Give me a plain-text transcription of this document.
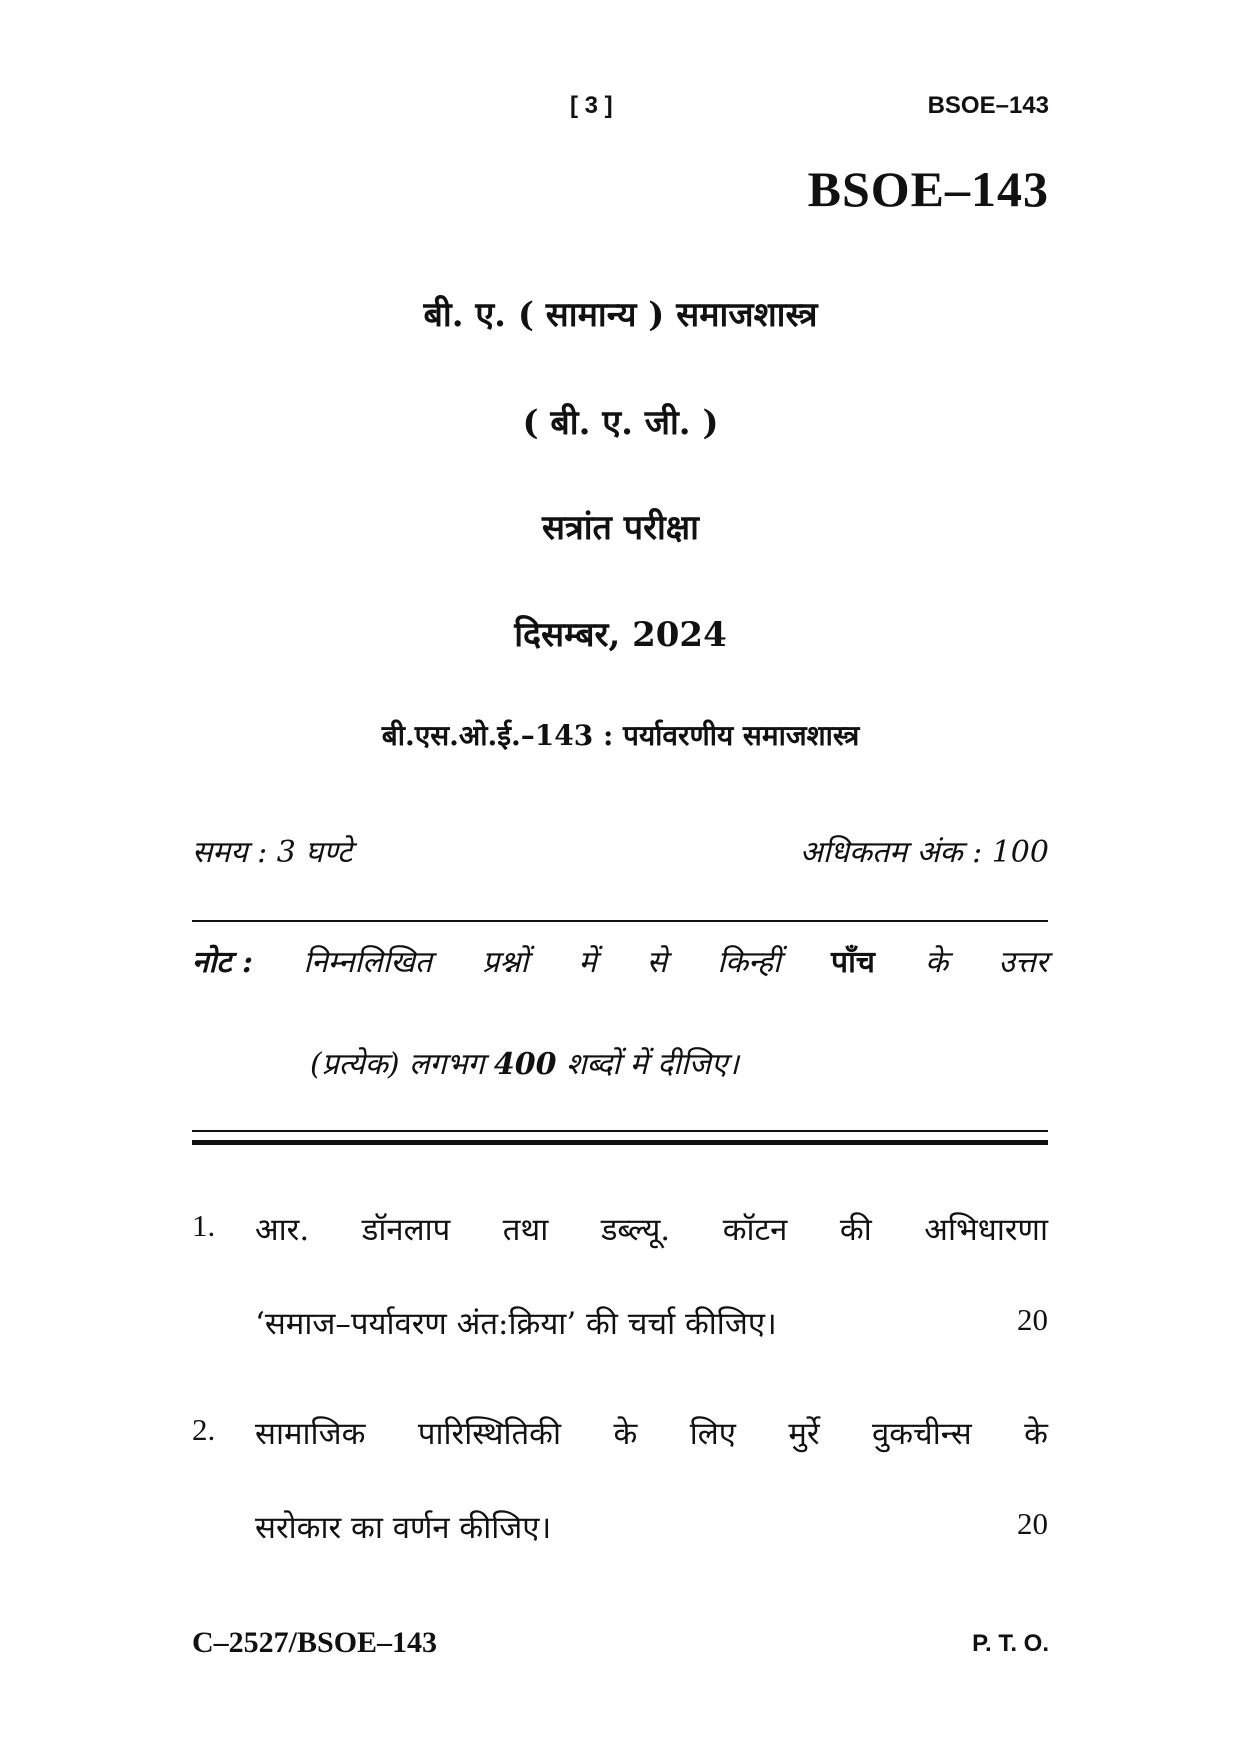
[ 3 ]	BSOE–143
BSOE–143
बी. ए. ( सामान्य ) समाजशास्त्र
( बी. ए. जी. )
सत्रांत परीक्षा
दिसम्बर, 2024
बी.एस.ओ.ई.–143 : पर्यावरणीय समाजशास्त्र
समय : 3 घण्टे	अधिकतम अंक : 100
नोट : निम्नलिखित प्रश्नों में से किन्हीं पाँच के उत्तर
(प्रत्येक) लगभग 400 शब्दों में दीजिए।
1. आर. डॉनलाप तथा डब्ल्यू. कॉटन की अभिधारणा
‘समाज–पर्यावरण अंत:क्रिया’ की चर्चा कीजिए।	20
2. सामाजिक पारिस्थितिकी के लिए मुर्रे वुकचीन्स के
सरोकार का वर्णन कीजिए।	20
C–2527/BSOE–143	P. T. O.
